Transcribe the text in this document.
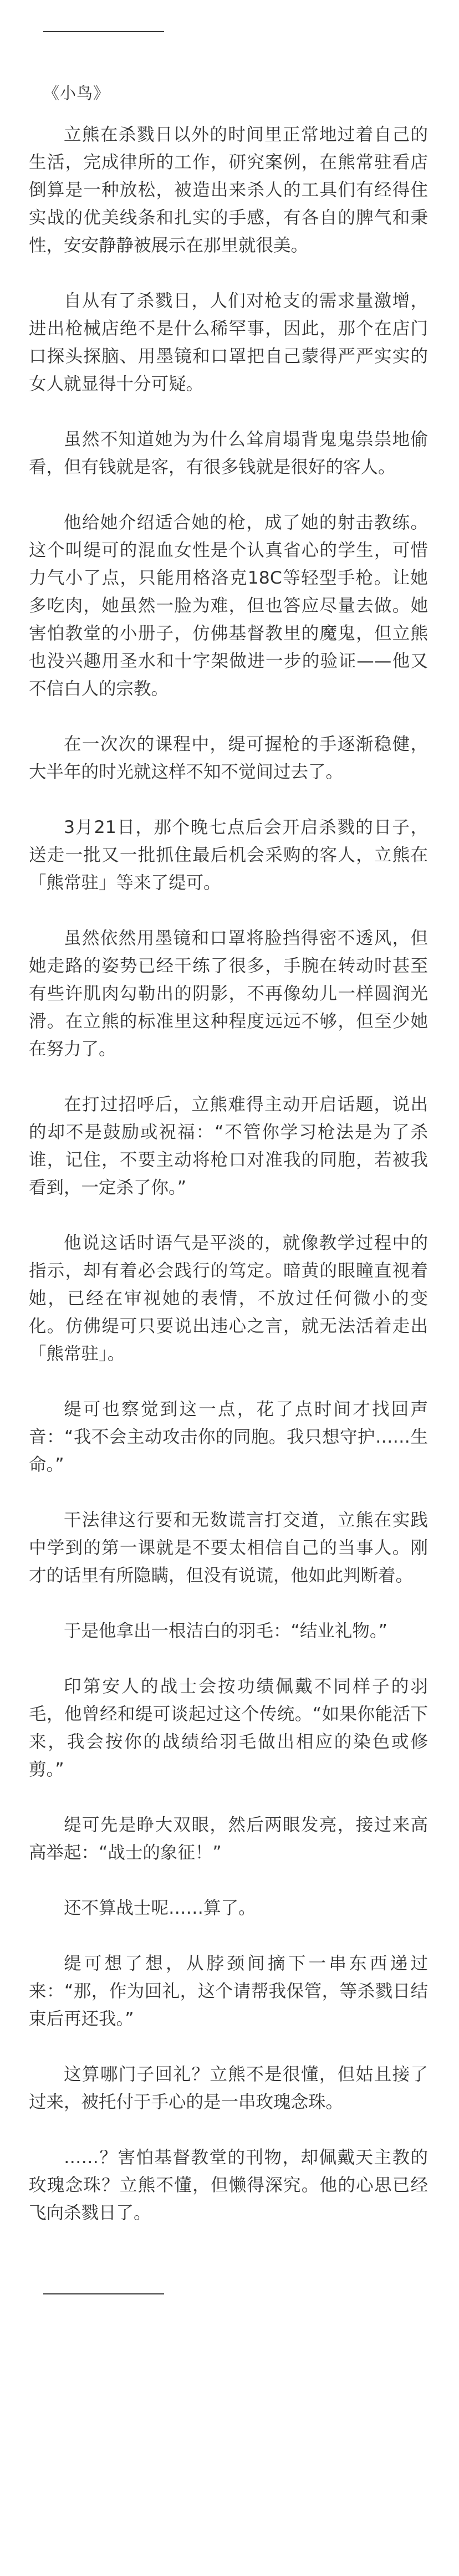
《小鸟》

立熊在杀戮日以外的时间里正常地过着自己的生活，完成律所的工作，研究案例，在熊常驻看店倒算是一种放松，被造出来杀人的工具们有经得住实战的优美线条和扎实的手感，有各自的脾气和秉性，安安静静被展示在那里就很美。

自从有了杀戮日，人们对枪支的需求量激增，进出枪械店绝不是什么稀罕事，因此，那个在店门口探头探脑、用墨镜和口罩把自己蒙得严严实实的女人就显得十分可疑。

虽然不知道她为为什么耸肩塌背鬼鬼祟祟地偷看，但有钱就是客，有很多钱就是很好的客人。

他给她介绍适合她的枪，成了她的射击教练。这个叫缇可的混血女性是个认真省心的学生，可惜力气小了点，只能用格洛克18C等轻型手枪。让她多吃肉，她虽然一脸为难，但也答应尽量去做。她害怕教堂的小册子，仿佛基督教里的魔鬼，但立熊也没兴趣用圣水和十字架做进一步的验证——他又不信白人的宗教。

在一次次的课程中，缇可握枪的手逐渐稳健，大半年的时光就这样不知不觉间过去了。

3月21日，那个晚七点后会开启杀戮的日子，送走一批又一批抓住最后机会采购的客人，立熊在「熊常驻」等来了缇可。

虽然依然用墨镜和口罩将脸挡得密不透风，但她走路的姿势已经干练了很多，手腕在转动时甚至有些许肌肉勾勒出的阴影，不再像幼儿一样圆润光滑。在立熊的标准里这种程度远远不够，但至少她在努力了。

在打过招呼后，立熊难得主动开启话题，说出的却不是鼓励或祝福：“不管你学习枪法是为了杀谁，记住，不要主动将枪口对准我的同胞，若被我看到，一定杀了你。”

他说这话时语气是平淡的，就像教学过程中的指示，却有着必会践行的笃定。暗黄的眼瞳直视着她，已经在审视她的表情，不放过任何微小的变化。仿佛缇可只要说出违心之言，就无法活着走出「熊常驻」。

缇可也察觉到这一点，花了点时间才找回声音：“我不会主动攻击你的同胞。我只想守护……生命。”

干法律这行要和无数谎言打交道，立熊在实践中学到的第一课就是不要太相信自己的当事人。刚才的话里有所隐瞒，但没有说谎，他如此判断着。

于是他拿出一根洁白的羽毛：“结业礼物。”

印第安人的战士会按功绩佩戴不同样子的羽毛，他曾经和缇可谈起过这个传统。“如果你能活下来，我会按你的战绩给羽毛做出相应的染色或修剪。”

缇可先是睁大双眼，然后两眼发亮，接过来高高举起：“战士的象征！”

还不算战士呢……算了。

缇可想了想，从脖颈间摘下一串东西递过来：“那，作为回礼，这个请帮我保管，等杀戮日结束后再还我。”

这算哪门子回礼？立熊不是很懂，但姑且接了过来，被托付于手心的是一串玫瑰念珠。

……？害怕基督教堂的刊物，却佩戴天主教的玫瑰念珠？立熊不懂，但懒得深究。他的心思已经飞向杀戮日了。
